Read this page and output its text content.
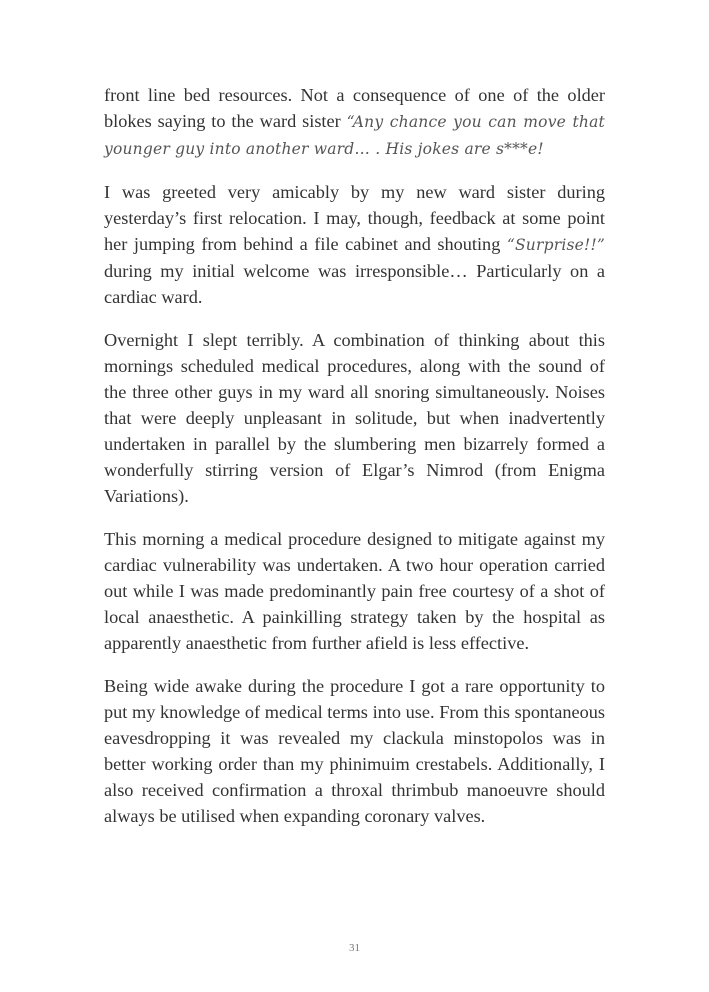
front line bed resources. Not a consequence of one of the older blokes saying to the ward sister “Any chance you can move that younger guy into another ward… . His jokes are s***e!

I was greeted very amicably by my new ward sister during yesterday’s first relocation. I may, though, feedback at some point her jumping from behind a file cabinet and shouting “Surprise!!” during my initial welcome was irresponsible… Particularly on a cardiac ward.

Overnight I slept terribly. A combination of thinking about this mornings scheduled medical procedures, along with the sound of the three other guys in my ward all snoring simultaneously. Noises that were deeply unpleasant in solitude, but when inadvertently undertaken in parallel by the slumbering men bizarrely formed a wonderfully stirring version of Elgar’s Nimrod (from Enigma Variations).

This morning a medical procedure designed to mitigate against my cardiac vulnerability was undertaken. A two hour operation carried out while I was made predominantly pain free courtesy of a shot of local anaesthetic. A painkilling strategy taken by the hospital as apparently anaesthetic from further afield is less effective.

Being wide awake during the procedure I got a rare opportunity to put my knowledge of medical terms into use. From this spontaneous eavesdropping it was revealed my clackula minstopolos was in better working order than my phinimuim crestabels. Additionally, I also received confirmation a throxal thrimbub manoeuvre should always be utilised when expanding coronary valves.

31
